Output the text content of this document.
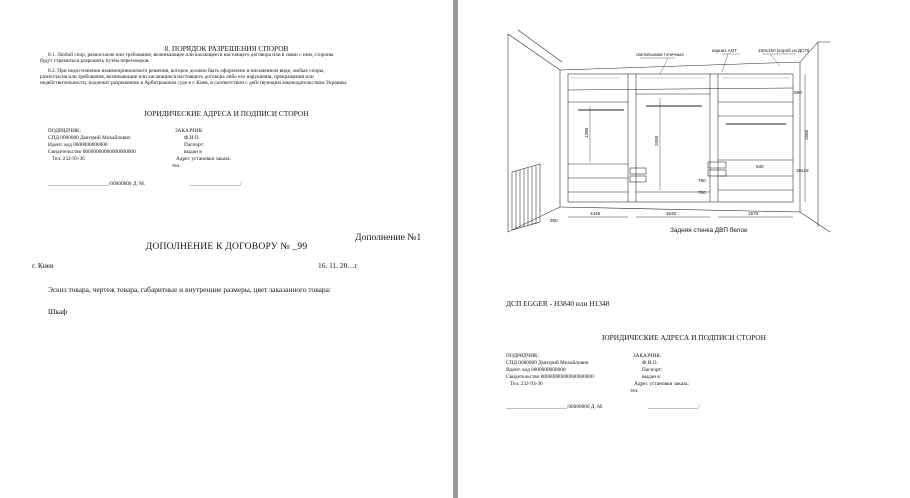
8. ПОРЯДОК РАЗРЕШЕНИЯ СПОРОВ
8.1. Любой спор, разногласие или требование, возникающее или касающееся настоящего договора или в связи с ним, стороны
будут стремиться разрешить путём переговоров.
8.2. При недостижении взаимоприемлемого решения, которое должно быть оформлено в письменном виде, любые споры,
разногласия или требования, возникающие или касающиеся настоящего договора либо его нарушения, прекращения или
недействительности, подлежат разрешению в Арбитражном суде в г. Киев, в соответствии с действующим законодательством Украины.
ЮРИДИЧЕСКИЕ АДРЕСА И ПОДПИСИ СТОРОН
ПОДРЯДЧИК:
СПД 0000000 Дмитрий Михайлович
Идент. код 0000000000000
Свидетельство 00000000000000000000
Тел. 232-93-36
_______________________/00000000 Д. М.
ЗАКАЗЧИК:
Ф.И.О.
Паспорт:
выдан в
Адрес установки заказа:
тел.
___________________/
Дополнение №1
ДОПОЛНЕНИЕ К ДОГОВОРУ № _99
г. Киев	16. 11. 20…г
Эскиз товара, чертеж товара, габаритные и внутренние размеры, цвет заказанного товара:
Шкаф
светильники точечные
карниз AGT	150х150 (короб из ДСП)
1445	1640	1570
2560
2000
1390
590
760
530
350
18х18
700
Задняя стенка ДВП белое
ДСП EGGER - H3840 или H1348
ЮРИДИЧЕСКИЕ АДРЕСА И ПОДПИСИ СТОРОН
ПОДРЯДЧИК:
СПД 0000000 Дмитрий Михайлович
Идент. код 0000000000000
Свидетельство 00000000000000000000
Тел. 232-93-36
_______________________/00000000 Д. М.
ЗАКАЗЧИК:
Ф.И.О.
Паспорт:
выдан в
Адрес установки заказа:
тел.
___________________/
